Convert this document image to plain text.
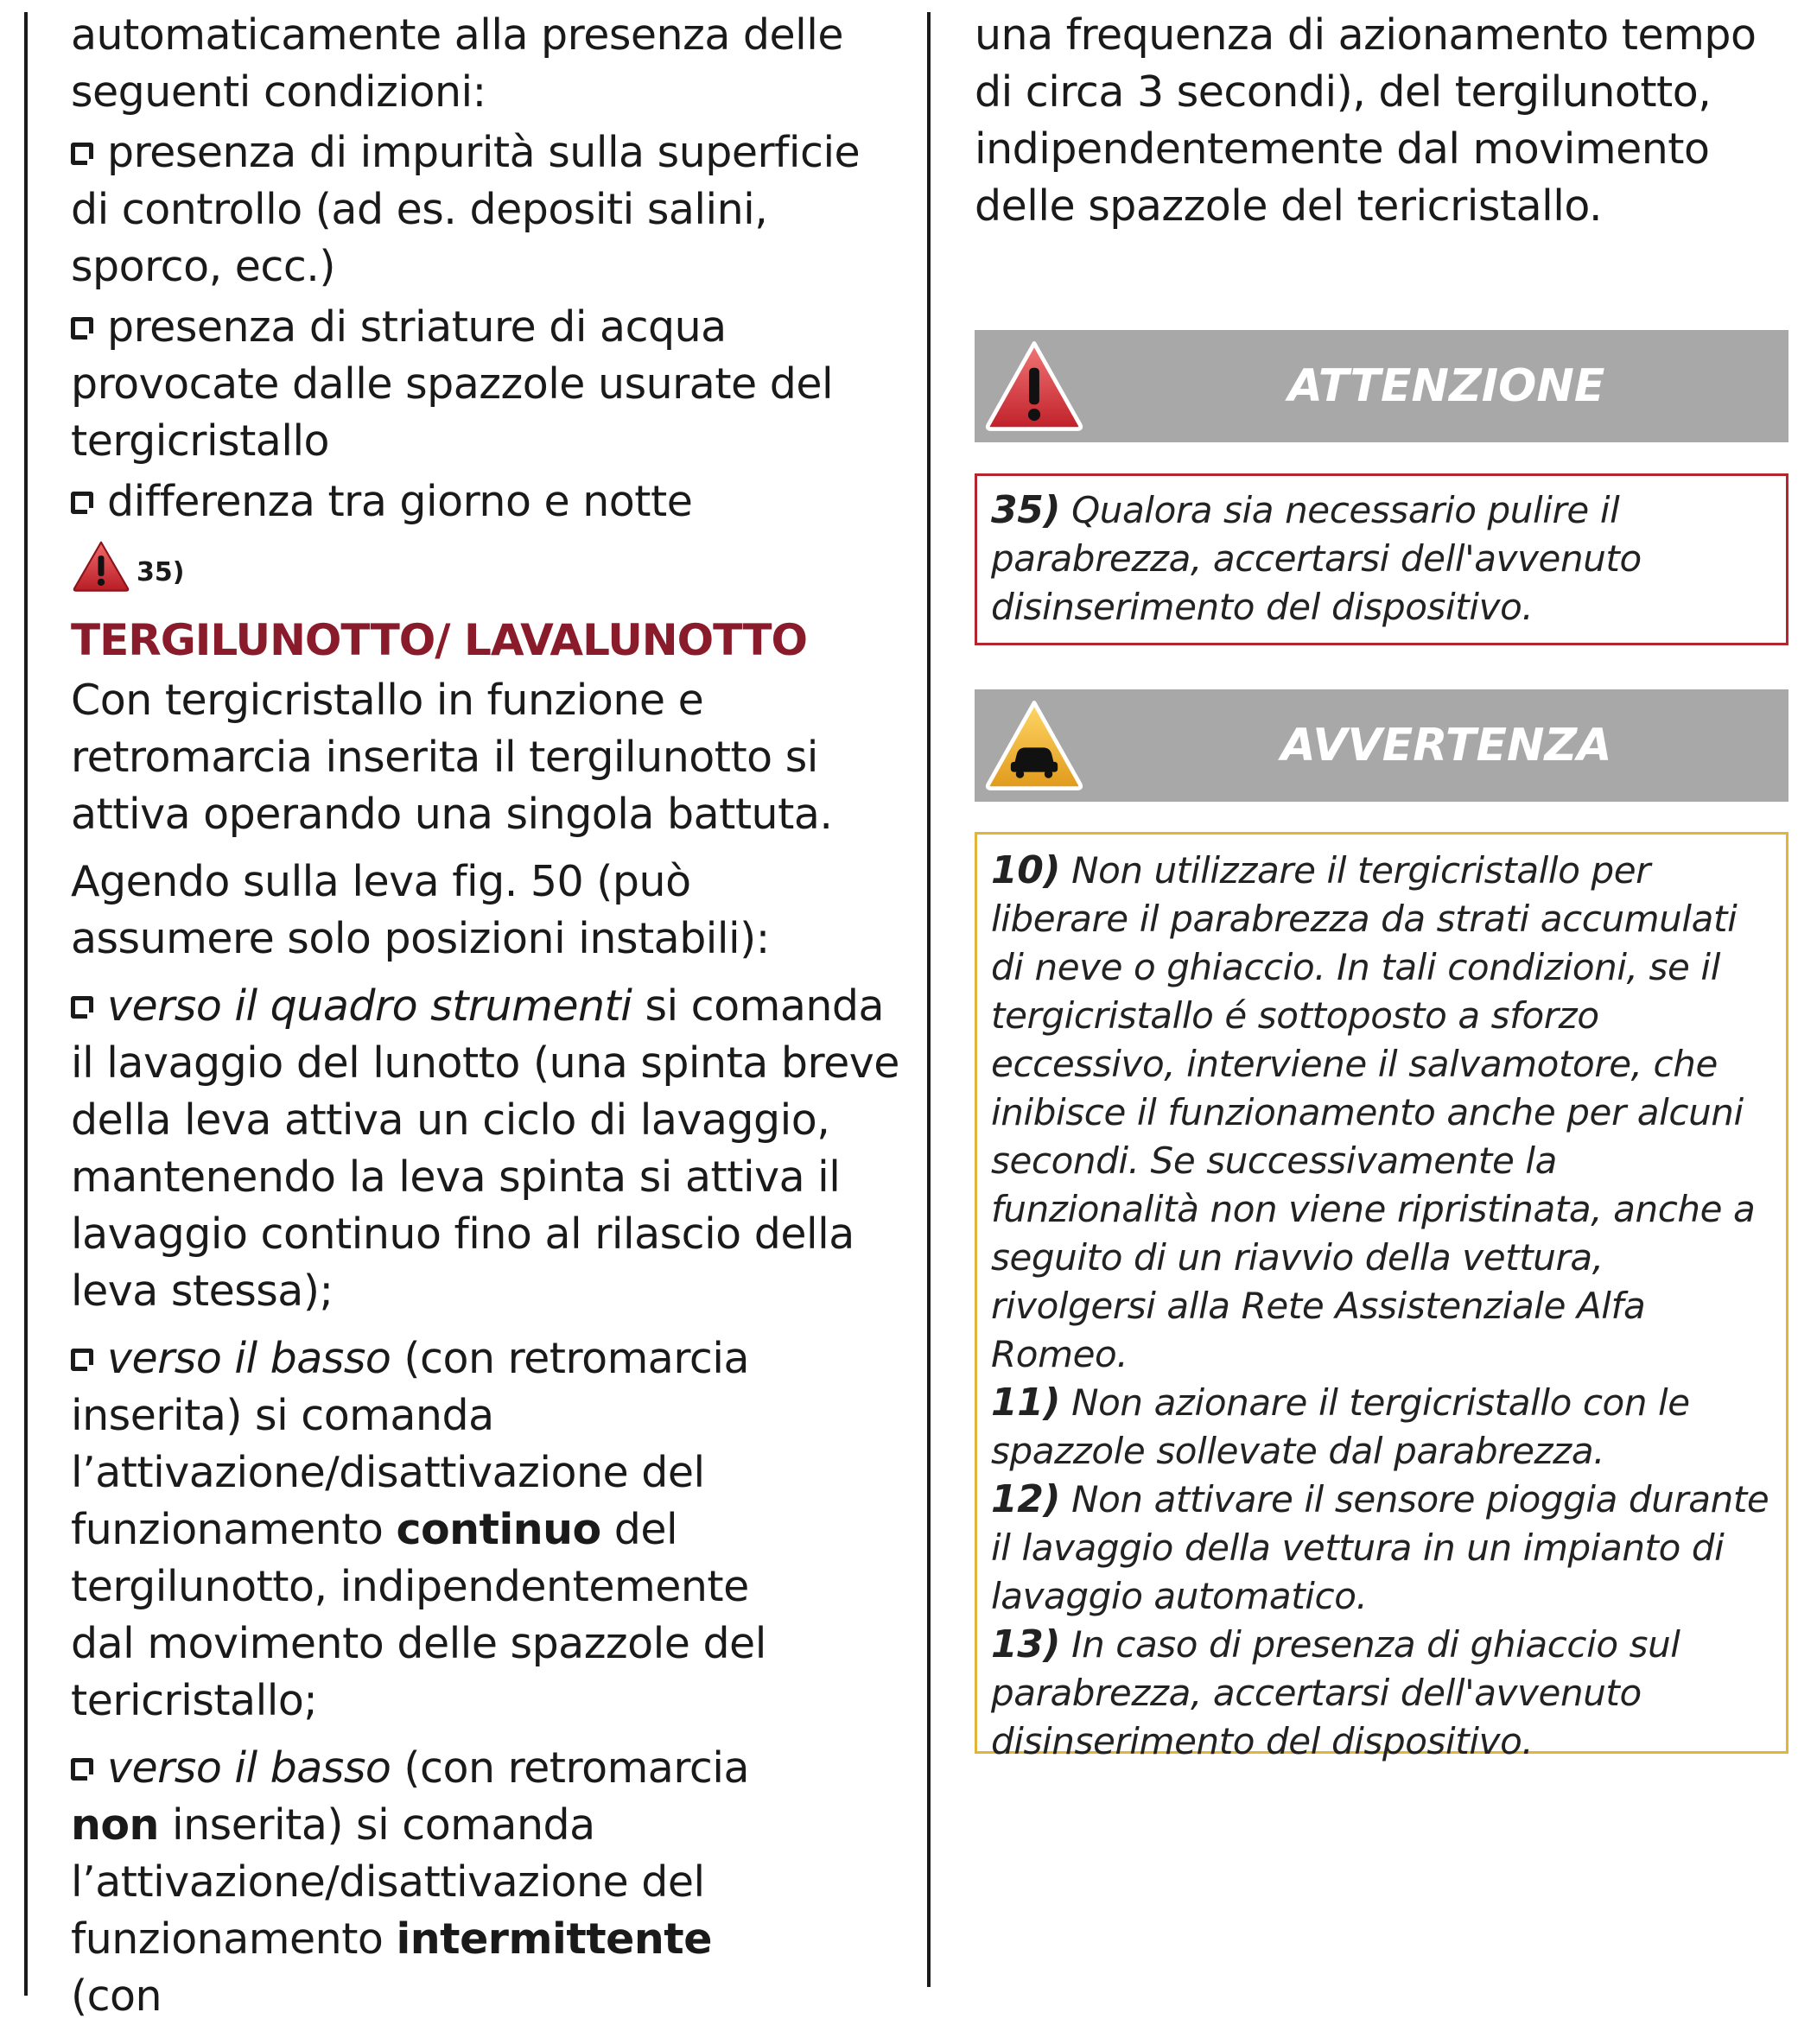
automaticamente alla presenza delle seguenti condizioni:

presenza di impurità sulla superficie di controllo (ad es. depositi salini, sporco, ecc.)

presenza di striature di acqua provocate dalle spazzole usurate del tergicristallo

differenza tra giorno e notte

35)
TERGILUNOTTO/ LAVALUNOTTO

Con tergicristallo in funzione e retromarcia inserita il tergilunotto si attiva operando una singola battuta.

Agendo sulla leva fig. 50 (può assumere solo posizioni instabili):

verso il quadro strumenti si comanda il lavaggio del lunotto (una spinta breve della leva attiva un ciclo di lavaggio, mantenendo la leva spinta si attiva il lavaggio continuo fino al rilascio della leva stessa);

verso il basso (con retromarcia inserita) si comanda l’attivazione/disattivazione del funzionamento continuo del tergilunotto, indipendentemente dal movimento delle spazzole del tericristallo;

verso il basso (con retromarcia non inserita) si comanda l’attivazione/disattivazione del funzionamento intermittente (con

una frequenza di azionamento tempo di circa 3 secondi), del tergilunotto, indipendentemente dal movimento delle spazzole del tericristallo.

ATTENZIONE

35) Qualora sia necessario pulire il parabrezza, accertarsi dell'avvenuto disinserimento del dispositivo.

AVVERTENZA

10) Non utilizzare il tergicristallo per liberare il parabrezza da strati accumulati di neve o ghiaccio. In tali condizioni, se il tergicristallo é sottoposto a sforzo eccessivo, interviene il salvamotore, che inibisce il funzionamento anche per alcuni secondi. Se successivamente la funzionalità non viene ripristinata, anche a seguito di un riavvio della vettura, rivolgersi alla Rete Assistenziale Alfa Romeo.

11) Non azionare il tergicristallo con le spazzole sollevate dal parabrezza.

12) Non attivare il sensore pioggia durante il lavaggio della vettura in un impianto di lavaggio automatico.

13) In caso di presenza di ghiaccio sul parabrezza, accertarsi dell'avvenuto disinserimento del dispositivo.
